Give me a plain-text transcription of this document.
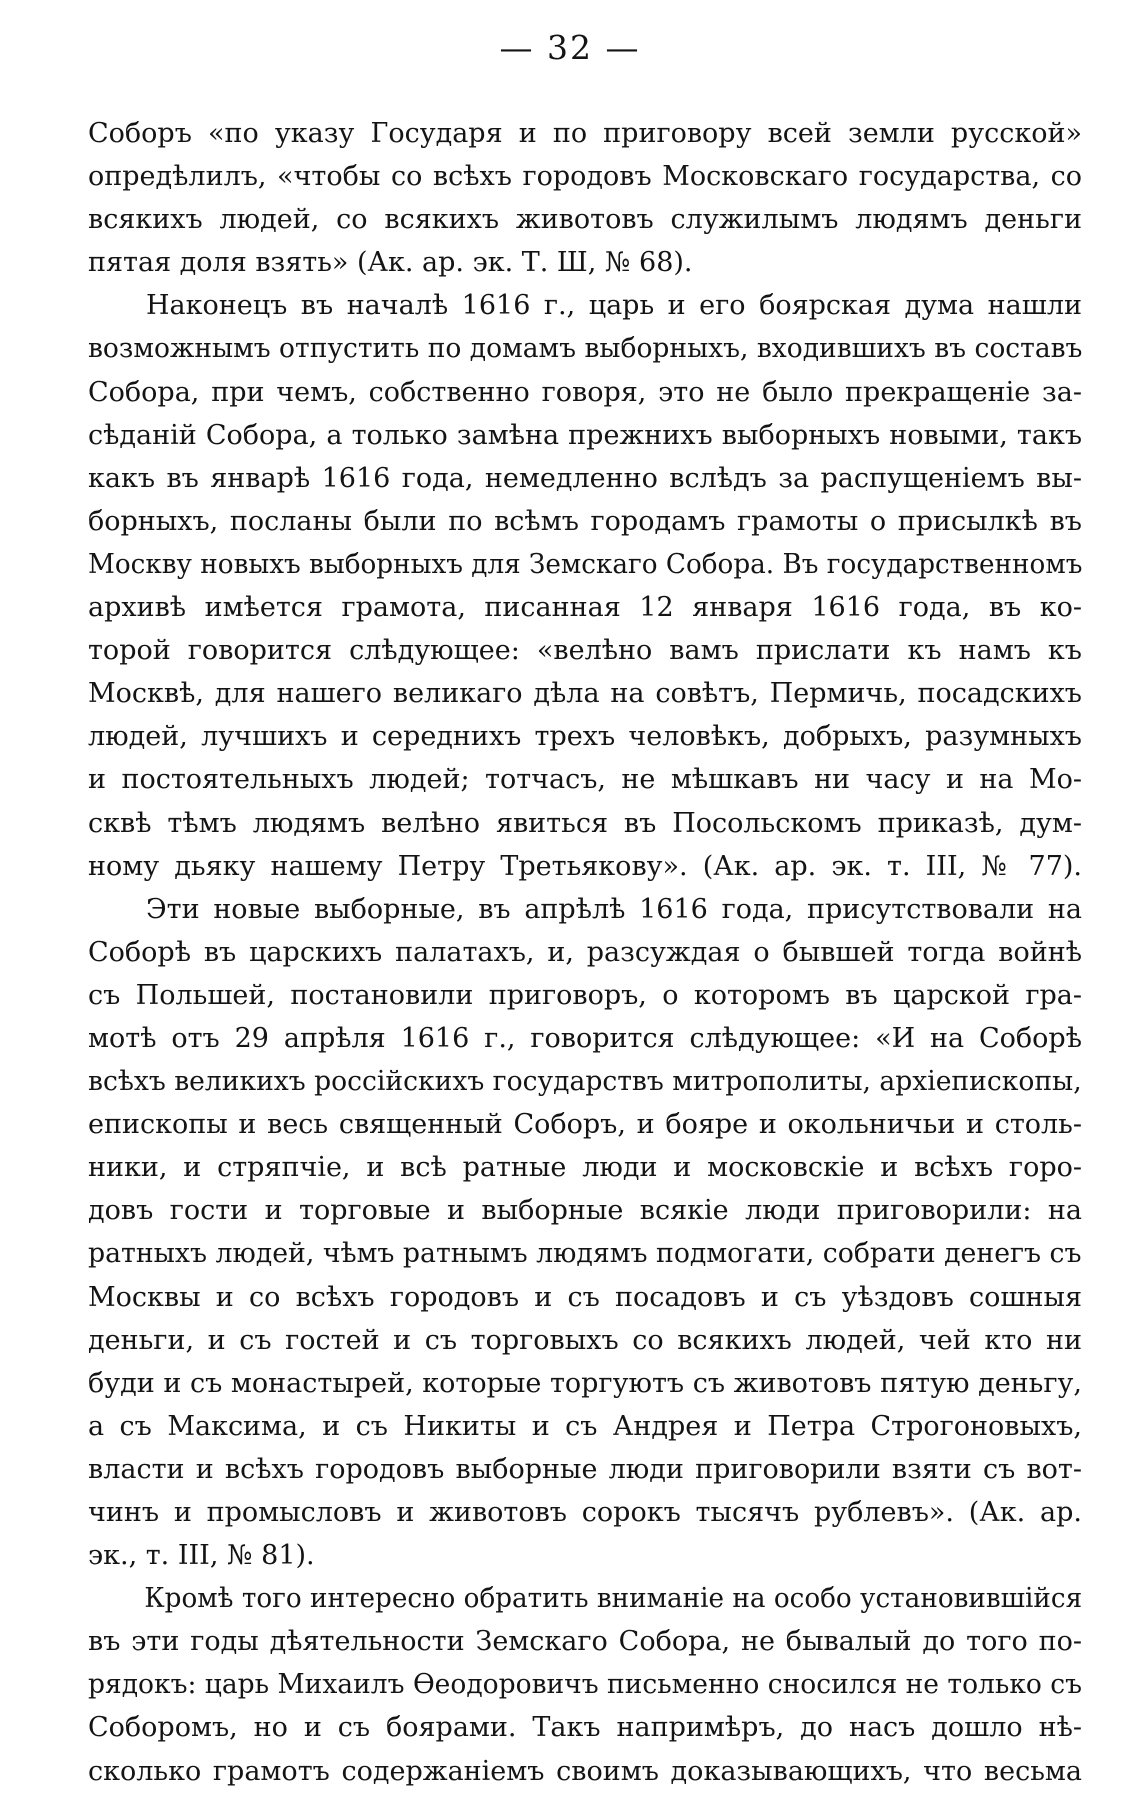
— 32 —
Соборъ «по указу Государя и по приговору всей земли русской»
опредѣлилъ, «чтобы со всѣхъ городовъ Московскаго государства, со
всякихъ людей, со всякихъ животовъ служилымъ людямъ деньги
пятая доля взять» (Ак. ар. эк. Т. Ш, № 68).
Наконецъ въ началѣ 1616 г., царь и его боярская дума нашли
возможнымъ отпустить по домамъ выборныхъ, входившихъ въ составъ
Собора, при чемъ, собственно говоря, это не было прекращеніе за-
сѣданій Собора, а только замѣна прежнихъ выборныхъ новыми, такъ
какъ въ январѣ 1616 года, немедленно вслѣдъ за распущеніемъ вы-
борныхъ, посланы были по всѣмъ городамъ грамоты о присылкѣ въ
Москву новыхъ выборныхъ для Земскаго Собора. Въ государственномъ
архивѣ имѣется грамота, писанная 12 января 1616 года, въ ко-
торой говорится слѣдующее: «велѣно вамъ прислати къ намъ къ
Москвѣ, для нашего великаго дѣла на совѣтъ, Пермичь, посадскихъ
людей, лучшихъ и середнихъ трехъ человѣкъ, добрыхъ, разумныхъ
и постоятельныхъ людей; тотчасъ, не мѣшкавъ ни часу и на Мо-
сквѣ тѣмъ людямъ велѣно явиться въ Посольскомъ приказѣ, дум-
ному дьяку нашему Петру Третьякову». (Ак. ар. эк. т. III, № 77).
Эти новые выборные, въ апрѣлѣ 1616 года, присутствовали на
Соборѣ въ царскихъ палатахъ, и, разсуждая о бывшей тогда войнѣ
съ Польшей, постановили приговоръ, о которомъ въ царской гра-
мотѣ отъ 29 апрѣля 1616 г., говорится слѣдующее: «И на Соборѣ
всѣхъ великихъ россійскихъ государствъ митрополиты, архіепископы,
епископы и весь священный Соборъ, и бояре и окольничьи и столь-
ники, и стряпчіе, и всѣ ратные люди и московскіе и всѣхъ горо-
довъ гости и торговые и выборные всякіе люди приговорили: на
ратныхъ людей, чѣмъ ратнымъ людямъ подмогати, собрати денегъ съ
Москвы и со всѣхъ городовъ и съ посадовъ и съ уѣздовъ сошныя
деньги, и съ гостей и съ торговыхъ со всякихъ людей, чей кто ни
буди и съ монастырей, которые торгуютъ съ животовъ пятую деньгу,
а съ Максима, и съ Никиты и съ Андрея и Петра Строгоновыхъ,
власти и всѣхъ городовъ выборные люди приговорили взяти съ вот-
чинъ и промысловъ и животовъ сорокъ тысячъ рублевъ». (Ак. ар.
эк., т. III, № 81).
Кромѣ того интересно обратить вниманіе на особо установившійся
въ эти годы дѣятельности Земскаго Собора, не бывалый до того по-
рядокъ: царь Михаилъ Ѳеодоровичъ письменно сносился не только съ
Соборомъ, но и съ боярами. Такъ напримѣръ, до насъ дошло нѣ-
сколько грамотъ содержаніемъ своимъ доказывающихъ, что весьма
